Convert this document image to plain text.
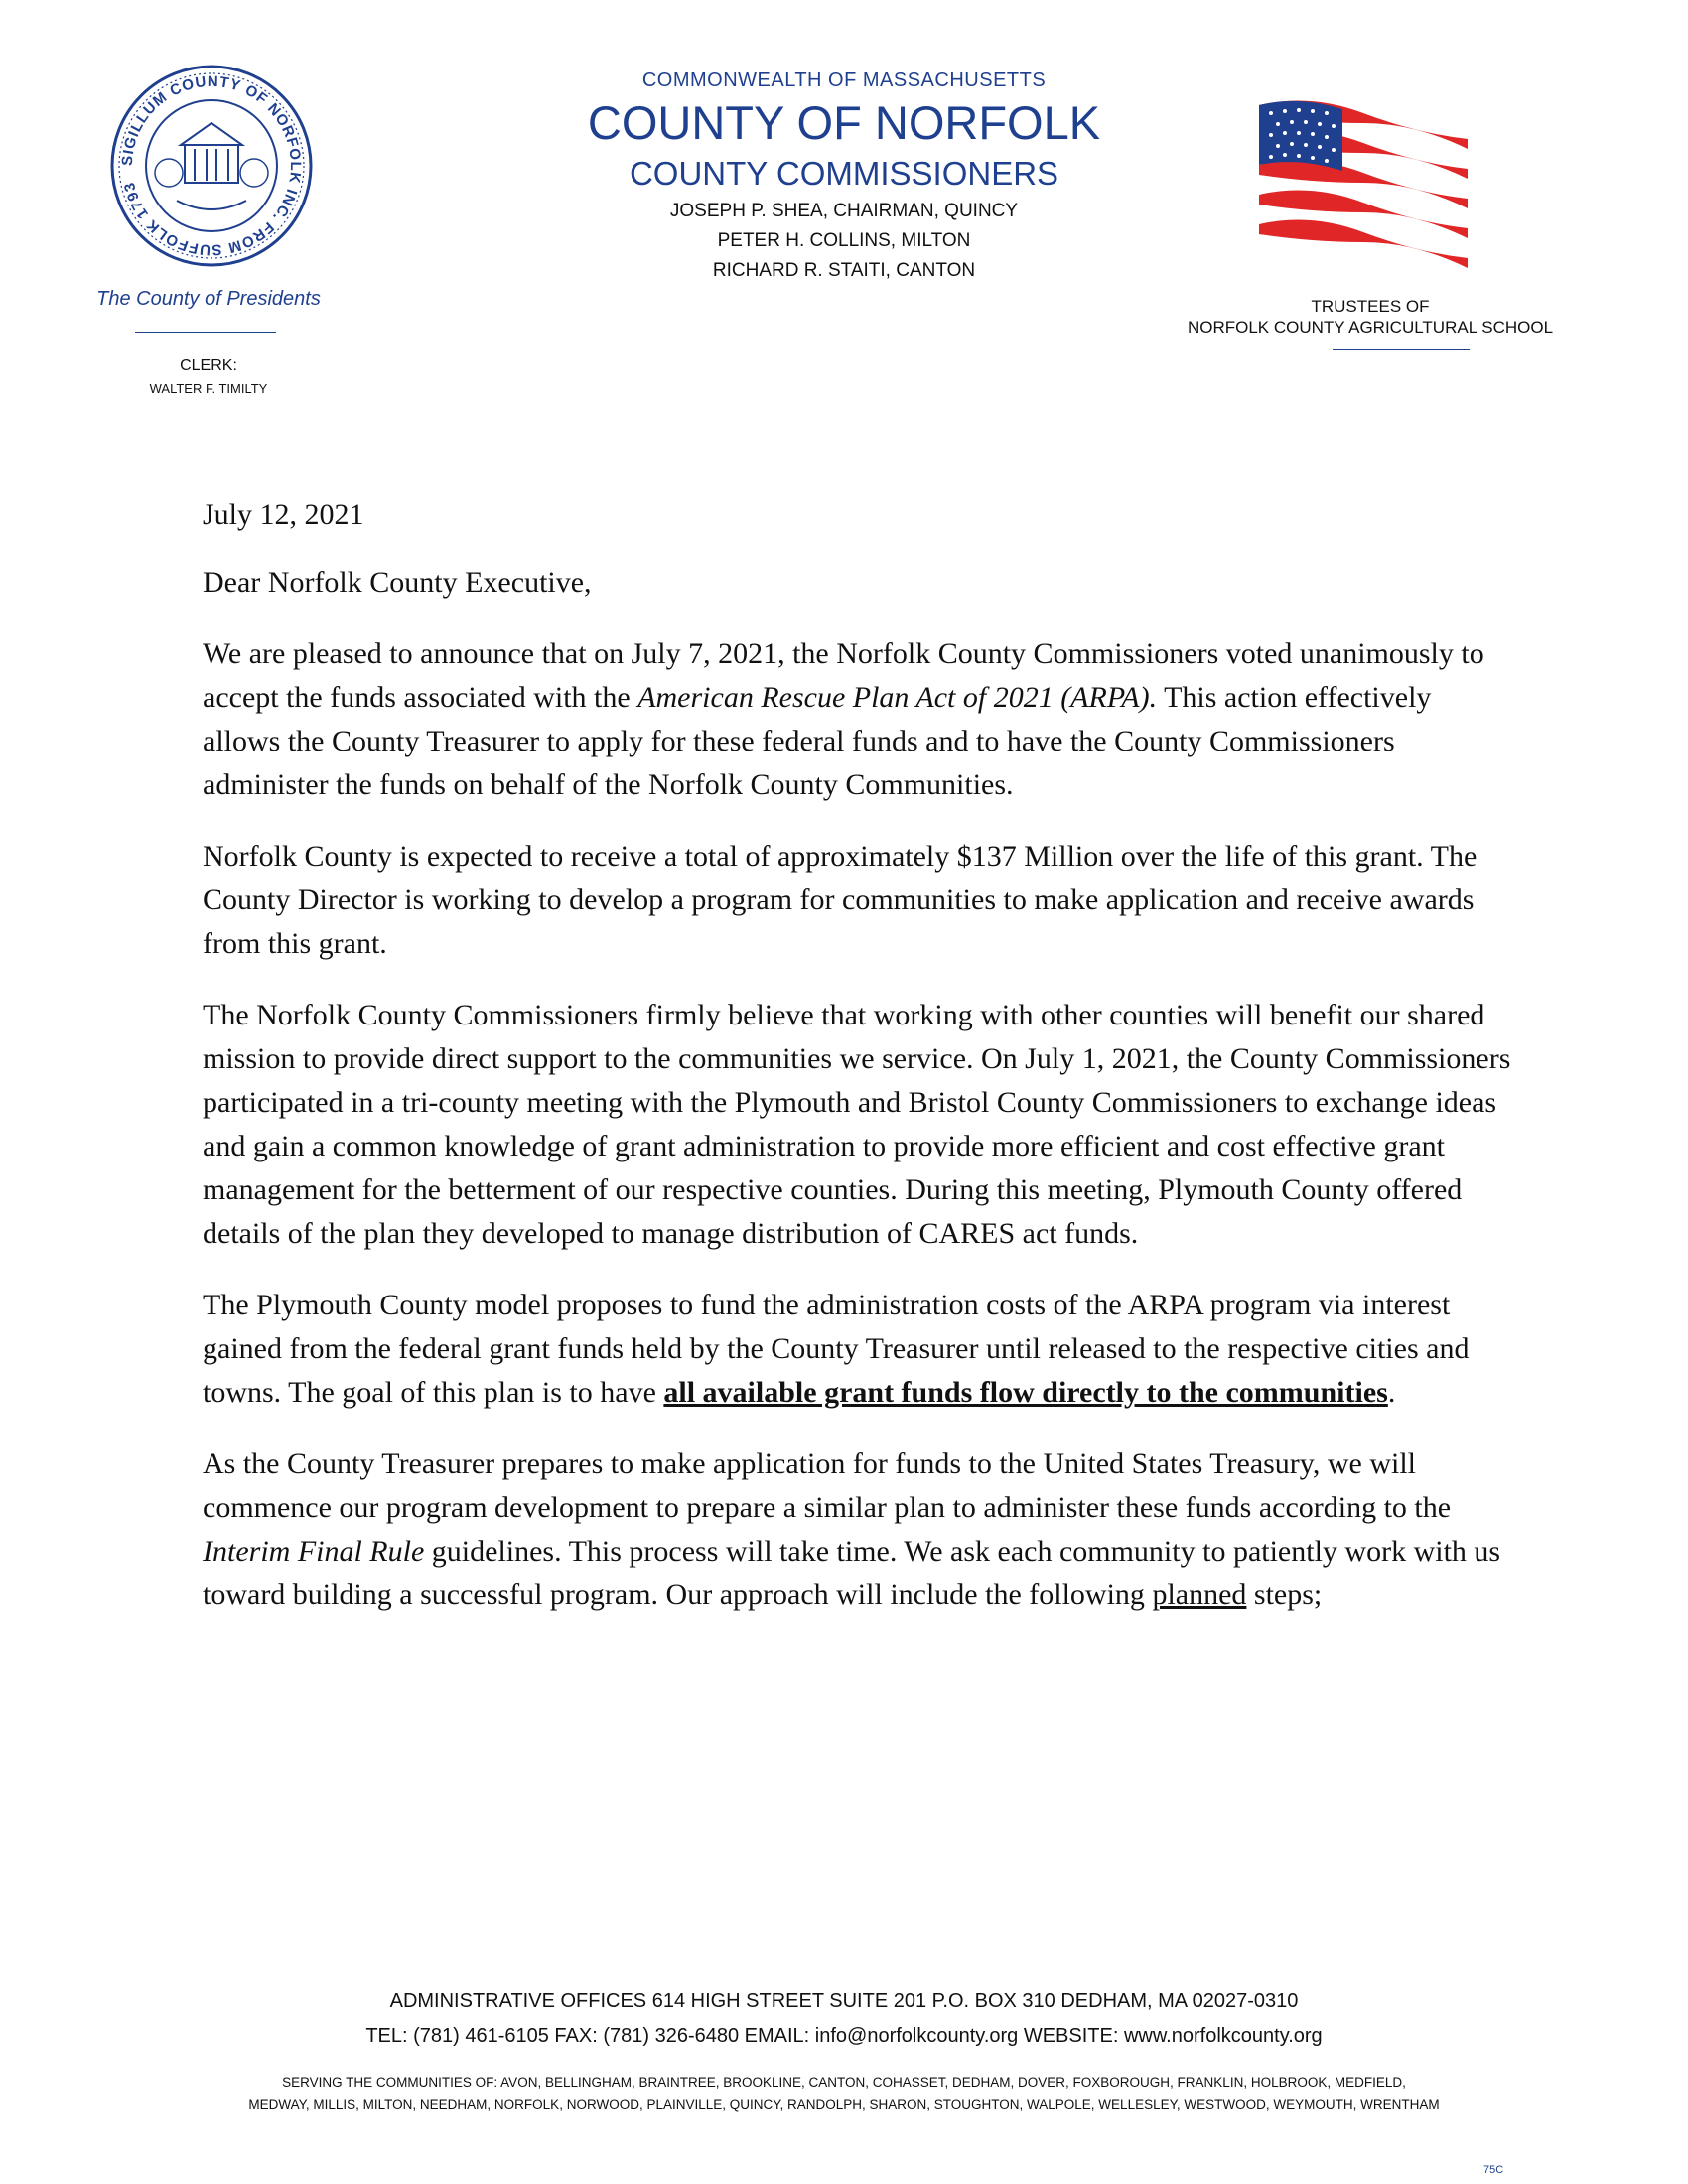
SIGILLUM COUNTY OF NORFOLK INC. FROM SUFFOLK 1793
The County of Presidents
CLERK:
WALTER F. TIMILTY
COMMONWEALTH OF MASSACHUSETTS
COUNTY OF NORFOLK
COUNTY COMMISSIONERS
JOSEPH P. SHEA, CHAIRMAN, QUINCY
PETER H. COLLINS, MILTON
RICHARD R. STAITI, CANTON
TRUSTEES OF
NORFOLK COUNTY AGRICULTURAL SCHOOL

July 12, 2021

Dear Norfolk County Executive,

We are pleased to announce that on July 7, 2021, the Norfolk County Commissioners voted unanimously to accept the funds associated with the American Rescue Plan Act of 2021 (ARPA). This action effectively allows the County Treasurer to apply for these federal funds and to have the County Commissioners administer the funds on behalf of the Norfolk County Communities.

Norfolk County is expected to receive a total of approximately $137 Million over the life of this grant. The County Director is working to develop a program for communities to make application and receive awards from this grant.

The Norfolk County Commissioners firmly believe that working with other counties will benefit our shared mission to provide direct support to the communities we service. On July 1, 2021, the County Commissioners participated in a tri-county meeting with the Plymouth and Bristol County Commissioners to exchange ideas and gain a common knowledge of grant administration to provide more efficient and cost effective grant management for the betterment of our respective counties. During this meeting, Plymouth County offered details of the plan they developed to manage distribution of CARES act funds.

The Plymouth County model proposes to fund the administration costs of the ARPA program via interest gained from the federal grant funds held by the County Treasurer until released to the respective cities and towns. The goal of this plan is to have all available grant funds flow directly to the communities.

As the County Treasurer prepares to make application for funds to the United States Treasury, we will commence our program development to prepare a similar plan to administer these funds according to the Interim Final Rule guidelines. This process will take time. We ask each community to patiently work with us toward building a successful program. Our approach will include the following planned steps;

ADMINISTRATIVE OFFICES 614 HIGH STREET SUITE 201 P.O. BOX 310 DEDHAM, MA 02027-0310
TEL: (781) 461-6105 FAX: (781) 326-6480 EMAIL: info@norfolkcounty.org WEBSITE: www.norfolkcounty.org
SERVING THE COMMUNITIES OF: AVON, BELLINGHAM, BRAINTREE, BROOKLINE, CANTON, COHASSET, DEDHAM, DOVER, FOXBOROUGH, FRANKLIN, HOLBROOK, MEDFIELD,
MEDWAY, MILLIS, MILTON, NEEDHAM, NORFOLK, NORWOOD, PLAINVILLE, QUINCY, RANDOLPH, SHARON, STOUGHTON, WALPOLE, WELLESLEY, WESTWOOD, WEYMOUTH, WRENTHAM
75C
